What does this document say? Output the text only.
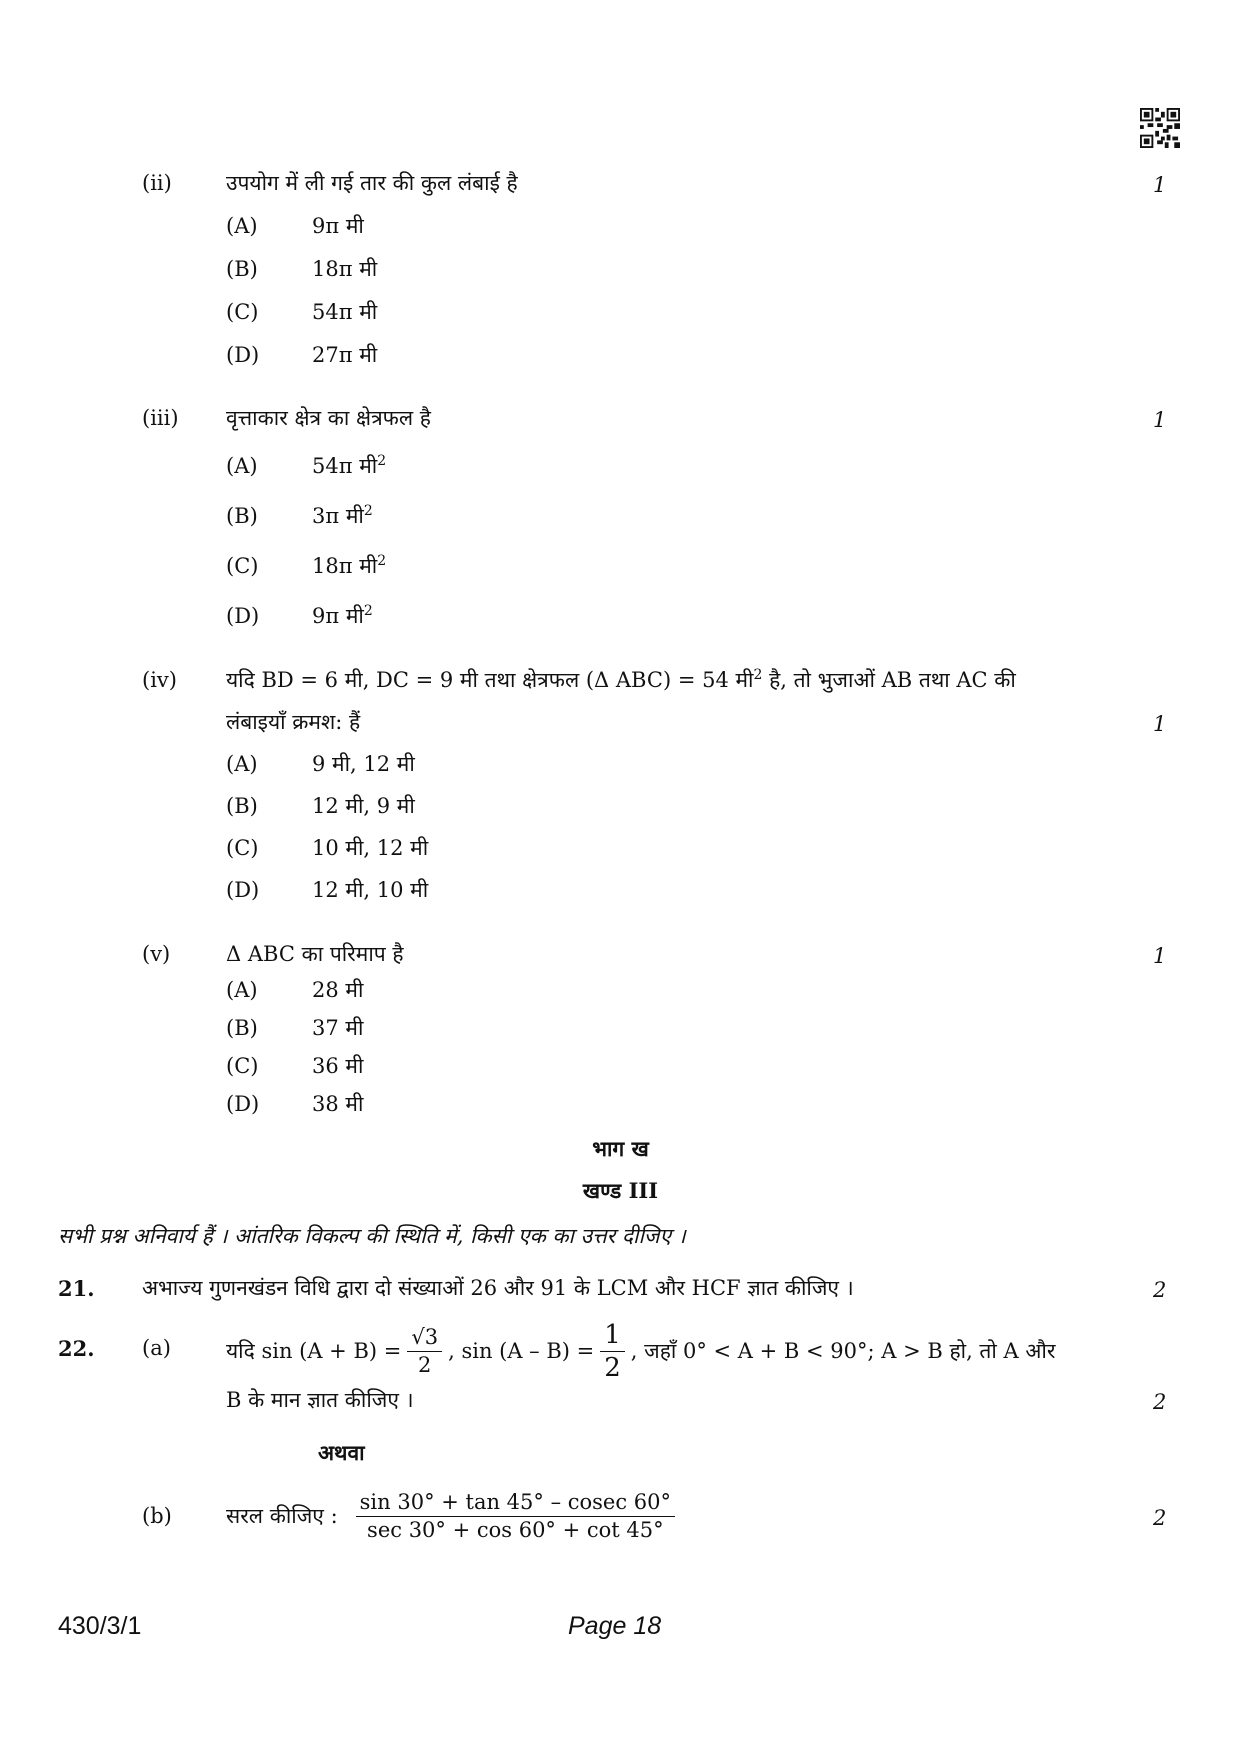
(ii)	उपयोग में ली गई तार की कुल लंबाई है	1
(A)	9π मी
(B)	18π मी
(C)	54π मी
(D)	27π मी
(iii) वृत्ताकार क्षेत्र का क्षेत्रफल है	1
(A)	54π मी$^2$
(B)	3π मी$^2$
(C)	18π मी$^2$
(D)	9π मी$^2$
(iv) यदि BD = 6 मी, DC = 9 मी तथा क्षेत्रफल (Δ ABC) = 54 मी$^2$ है, तो भुजाओं AB तथा AC की
लंबाइयाँ क्रमश: हैं	1
(A)	9 मी, 12 मी
(B)	12 मी, 9 मी
(C)	10 मी, 12 मी
(D)	12 मी, 10 मी
(v)	Δ ABC का परिमाप है	1
(A)	28 मी
(B)	37 मी
(C)	36 मी
(D)	38 मी
भाग ख
खण्ड III
सभी प्रश्न अनिवार्य हैं । आंतरिक विकल्प की स्थिति में, किसी एक का उत्तर दीजिए ।
21. अभाज्य गुणनखंडन विधि द्वारा दो संख्याओं 26 और 91 के LCM और HCF ज्ञात कीजिए ।	2
22. (a)	यदि $\sin (A + B) = \frac{√3}{2}$ , $\sin (A - B) = \frac{1}{2}$ , जहाँ 0° < A + B < 90°; A > B हो, तो A और
B के मान ज्ञात कीजिए ।	2
अथवा
(b)	सरल कीजिए : $\frac{\sin 30^\circ + \tan 45^\circ - cosec 60^\circ}{\sec 30^\circ + \cos 60^\circ + \cot 45^\circ}$	2
430/3/1	Page 18
